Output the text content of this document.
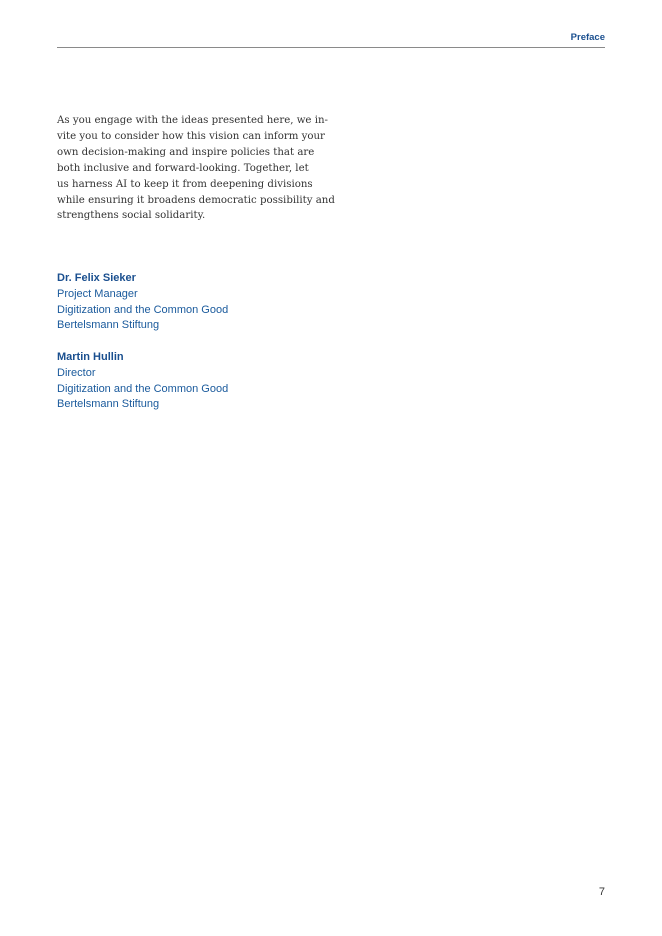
Preface

As you engage with the ideas presented here, we in-
vite you to consider how this vision can inform your
own decision-making and inspire policies that are
both inclusive and forward-looking. Together, let
us harness AI to keep it from deepening divisions
while ensuring it broadens democratic possibility and
strengthens social solidarity.

Dr. Felix Sieker
Project Manager
Digitization and the Common Good
Bertelsmann Stiftung
Martin Hullin
Director
Digitization and the Common Good
Bertelsmann Stiftung
7
